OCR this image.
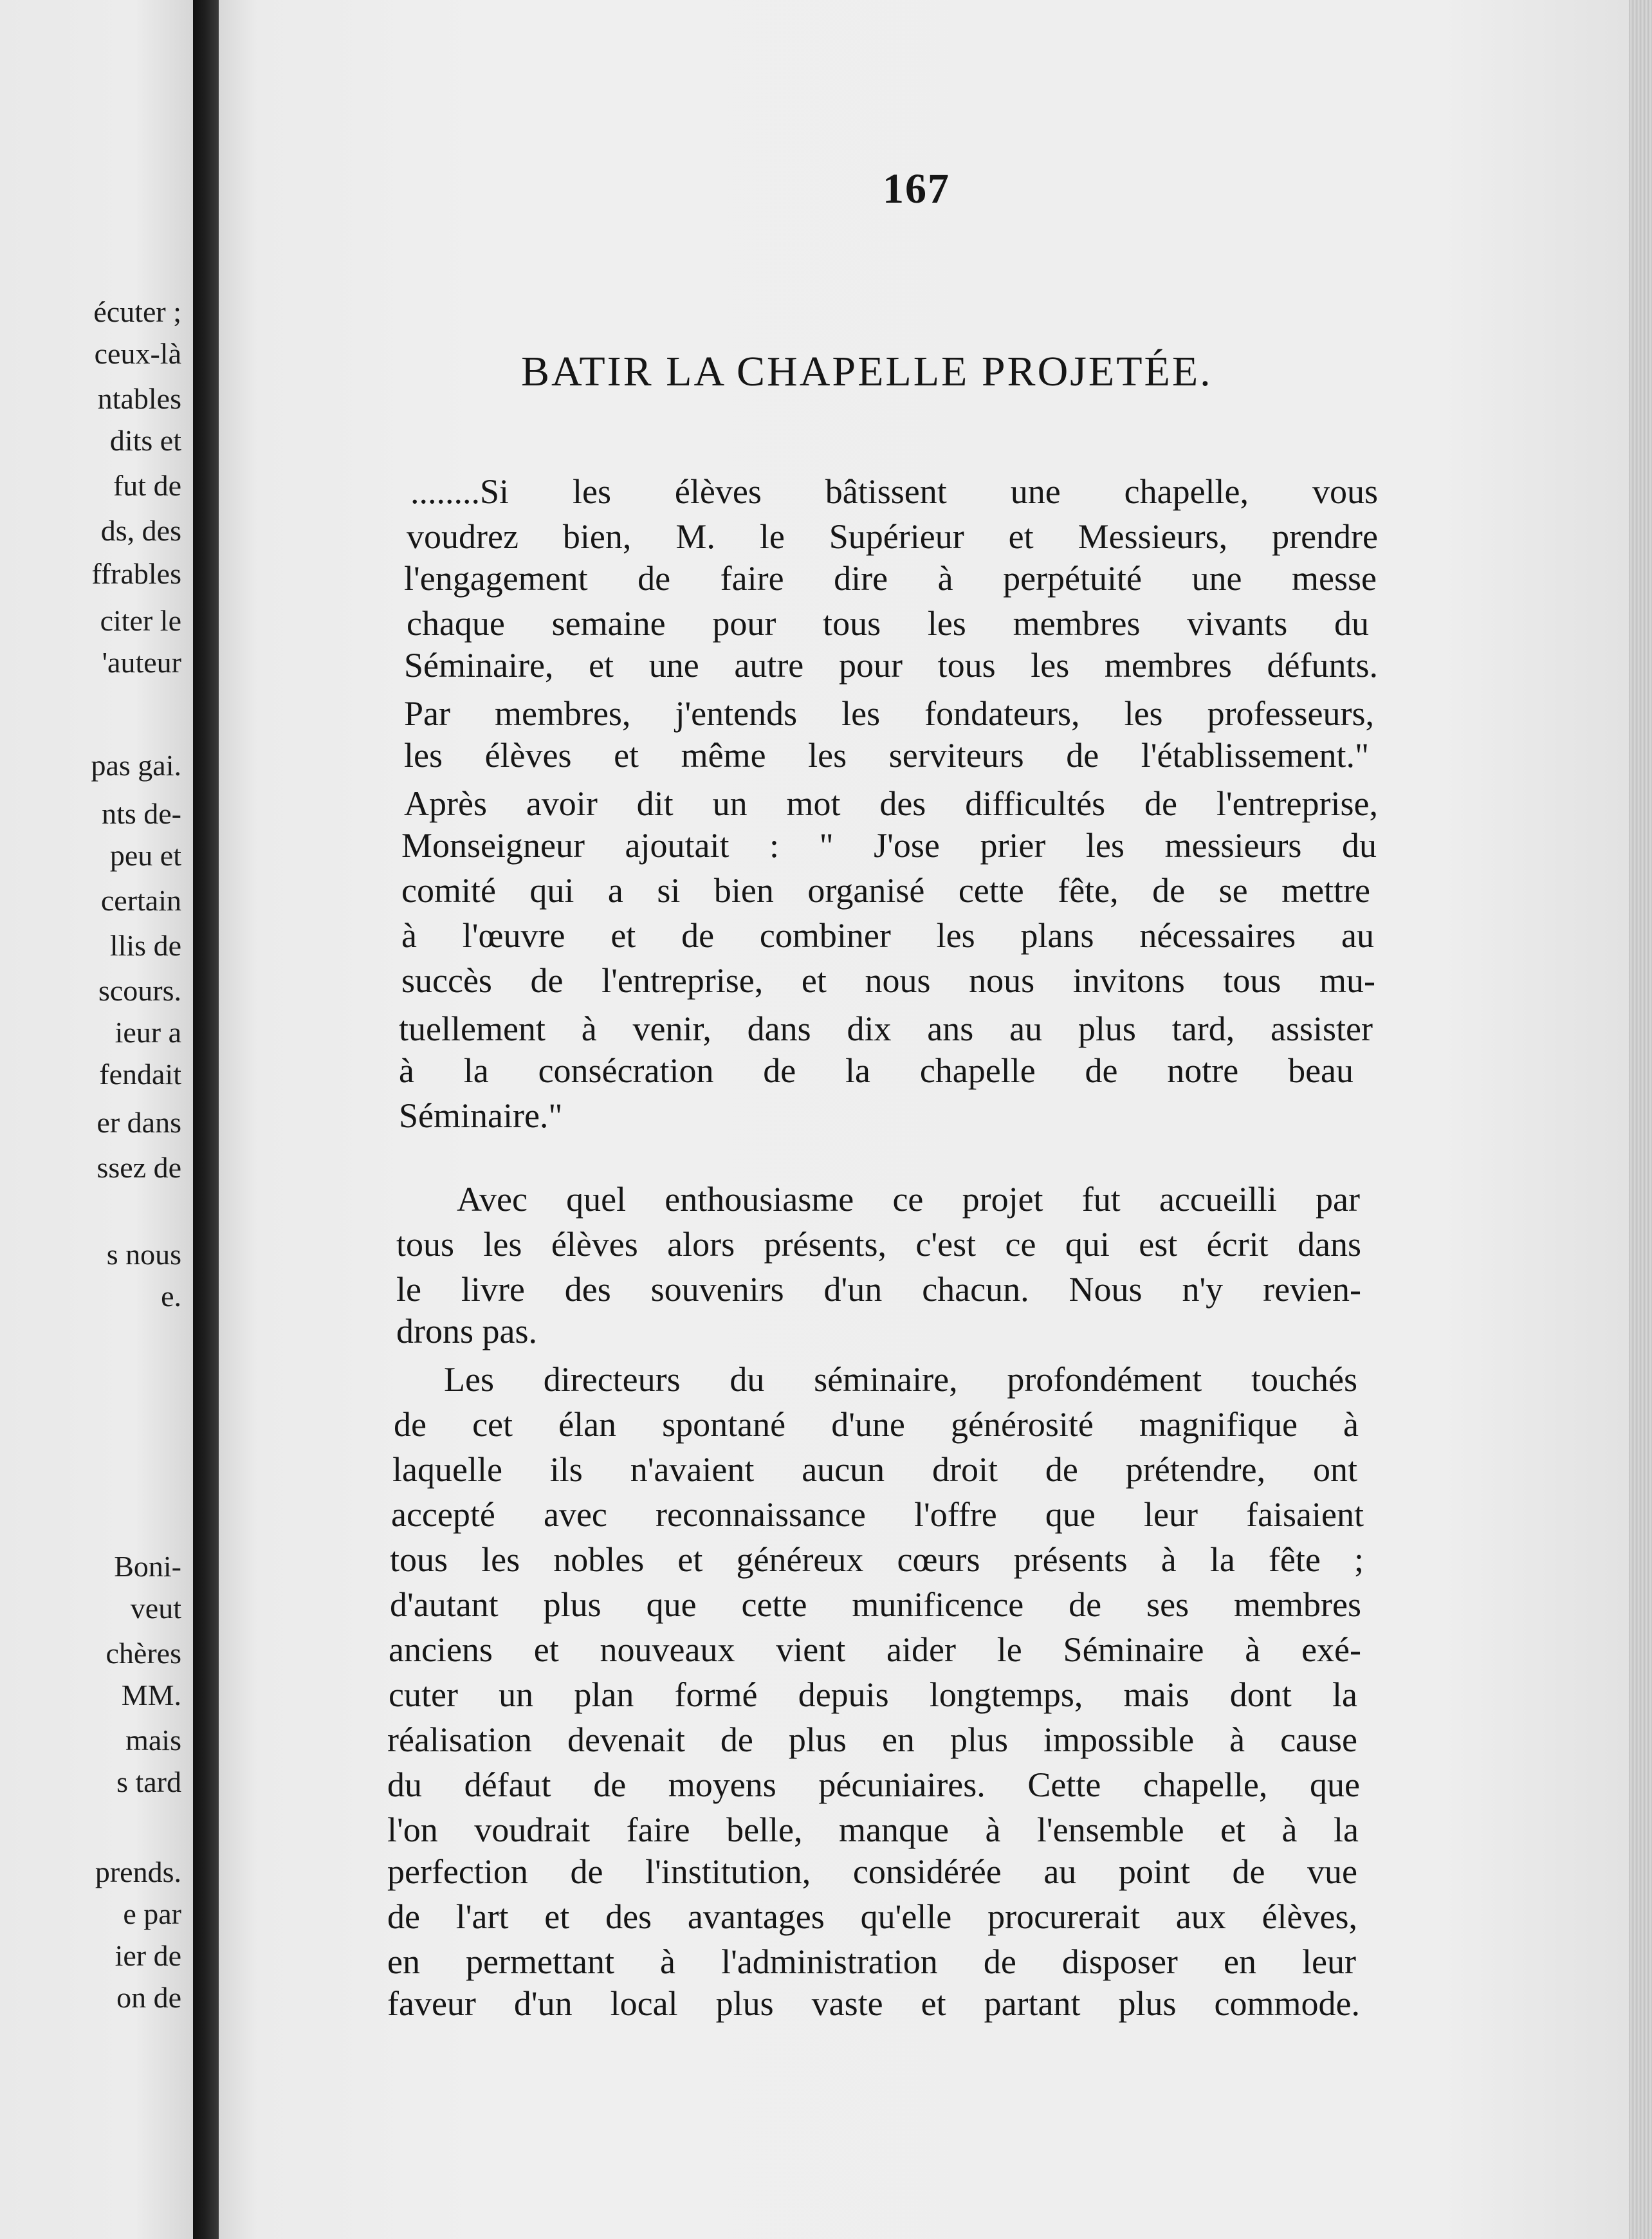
écuter ;
ceux-là
ntables
dits et
fut de
ds, des
ffrables
citer le
'auteur
pas gai.
nts de-
peu et
certain
llis de
scours.
ieur a
fendait
er dans
ssez de
s nous
e.
Boni-
veut
chères
MM.
mais
s tard
prends.
e par
ier de
on de
167
BATIR LA CHAPELLE PROJETÉE.
........Si les élèves bâtissent une chapelle, vous
voudrez bien, M. le Supérieur et Messieurs, prendre
l'engagement de faire dire à perpétuité une messe
chaque semaine pour tous les membres vivants du
Séminaire, et une autre pour tous les membres défunts.
Par membres, j'entends les fondateurs, les professeurs,
les élèves et même les serviteurs de l'établissement."
Après avoir dit un mot des difficultés de l'entreprise,
Monseigneur ajoutait : " J'ose prier les messieurs du
comité qui a si bien organisé cette fête, de se mettre
à l'œuvre et de combiner les plans nécessaires au
succès de l'entreprise, et nous nous invitons tous mu-
tuellement à venir, dans dix ans au plus tard, assister
à la consécration de la chapelle de notre beau
Séminaire."
Avec quel enthousiasme ce projet fut accueilli par
tous les élèves alors présents, c'est ce qui est écrit dans
le livre des souvenirs d'un chacun. Nous n'y revien-
drons pas.
Les directeurs du séminaire, profondément touchés
de cet élan spontané d'une générosité magnifique à
laquelle ils n'avaient aucun droit de prétendre, ont
accepté avec reconnaissance l'offre que leur faisaient
tous les nobles et généreux cœurs présents à la fête ;
d'autant plus que cette munificence de ses membres
anciens et nouveaux vient aider le Séminaire à exé-
cuter un plan formé depuis longtemps, mais dont la
réalisation devenait de plus en plus impossible à cause
du défaut de moyens pécuniaires. Cette chapelle, que
l'on voudrait faire belle, manque à l'ensemble et à la
perfection de l'institution, considérée au point de vue
de l'art et des avantages qu'elle procurerait aux élèves,
en permettant à l'administration de disposer en leur
faveur d'un local plus vaste et partant plus commode.
